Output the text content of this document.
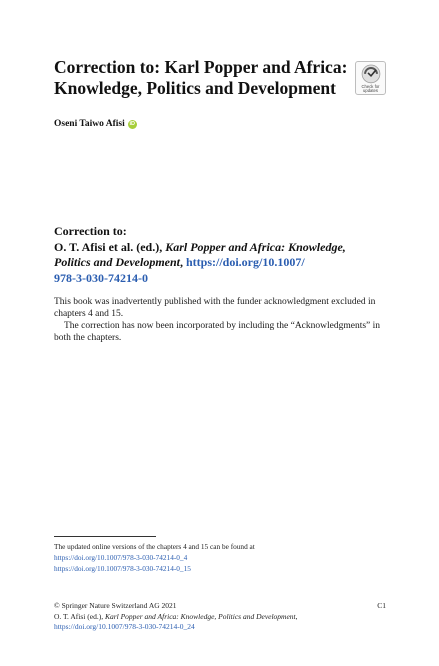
Correction to: Karl Popper and Africa:
Knowledge, Politics and Development	Check for
updates
Oseni Taiwo Afisi iD
Correction to:
O. T. Afisi et al. (ed.), Karl Popper and Africa: Knowledge, Politics and Development, https://doi.org/10.1007/
978-3-030-74214-0

This book was inadvertently published with the funder acknowledgment excluded in chapters 4 and 15.

The correction has now been incorporated by including the “Acknowledgments” in both the chapters.

The updated online versions of the chapters 4 and 15 can be found at
https://doi.org/10.1007/978-3-030-74214-0_4
https://doi.org/10.1007/978-3-030-74214-0_15
© Springer Nature Switzerland AG 2021
O. T. Afisi (ed.), Karl Popper and Africa: Knowledge, Politics and Development,
https://doi.org/10.1007/978-3-030-74214-0_24
C1
